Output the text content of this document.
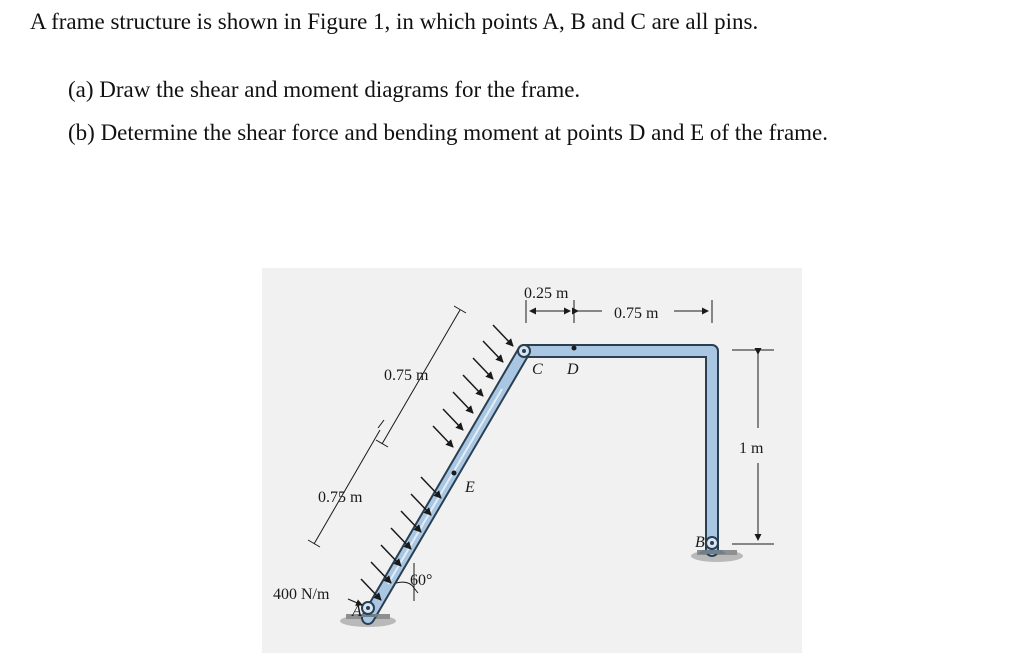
A frame structure is shown in Figure 1, in which points A, B and C are all pins.

(a) Draw the shear and moment diagrams for the frame.

(b) Determine the shear force and bending moment at points D and E of the frame.

0.25 m
0.75 m
1 m
0.75 m
0.75 m
400 N/m
60°
A
B
C D
E
